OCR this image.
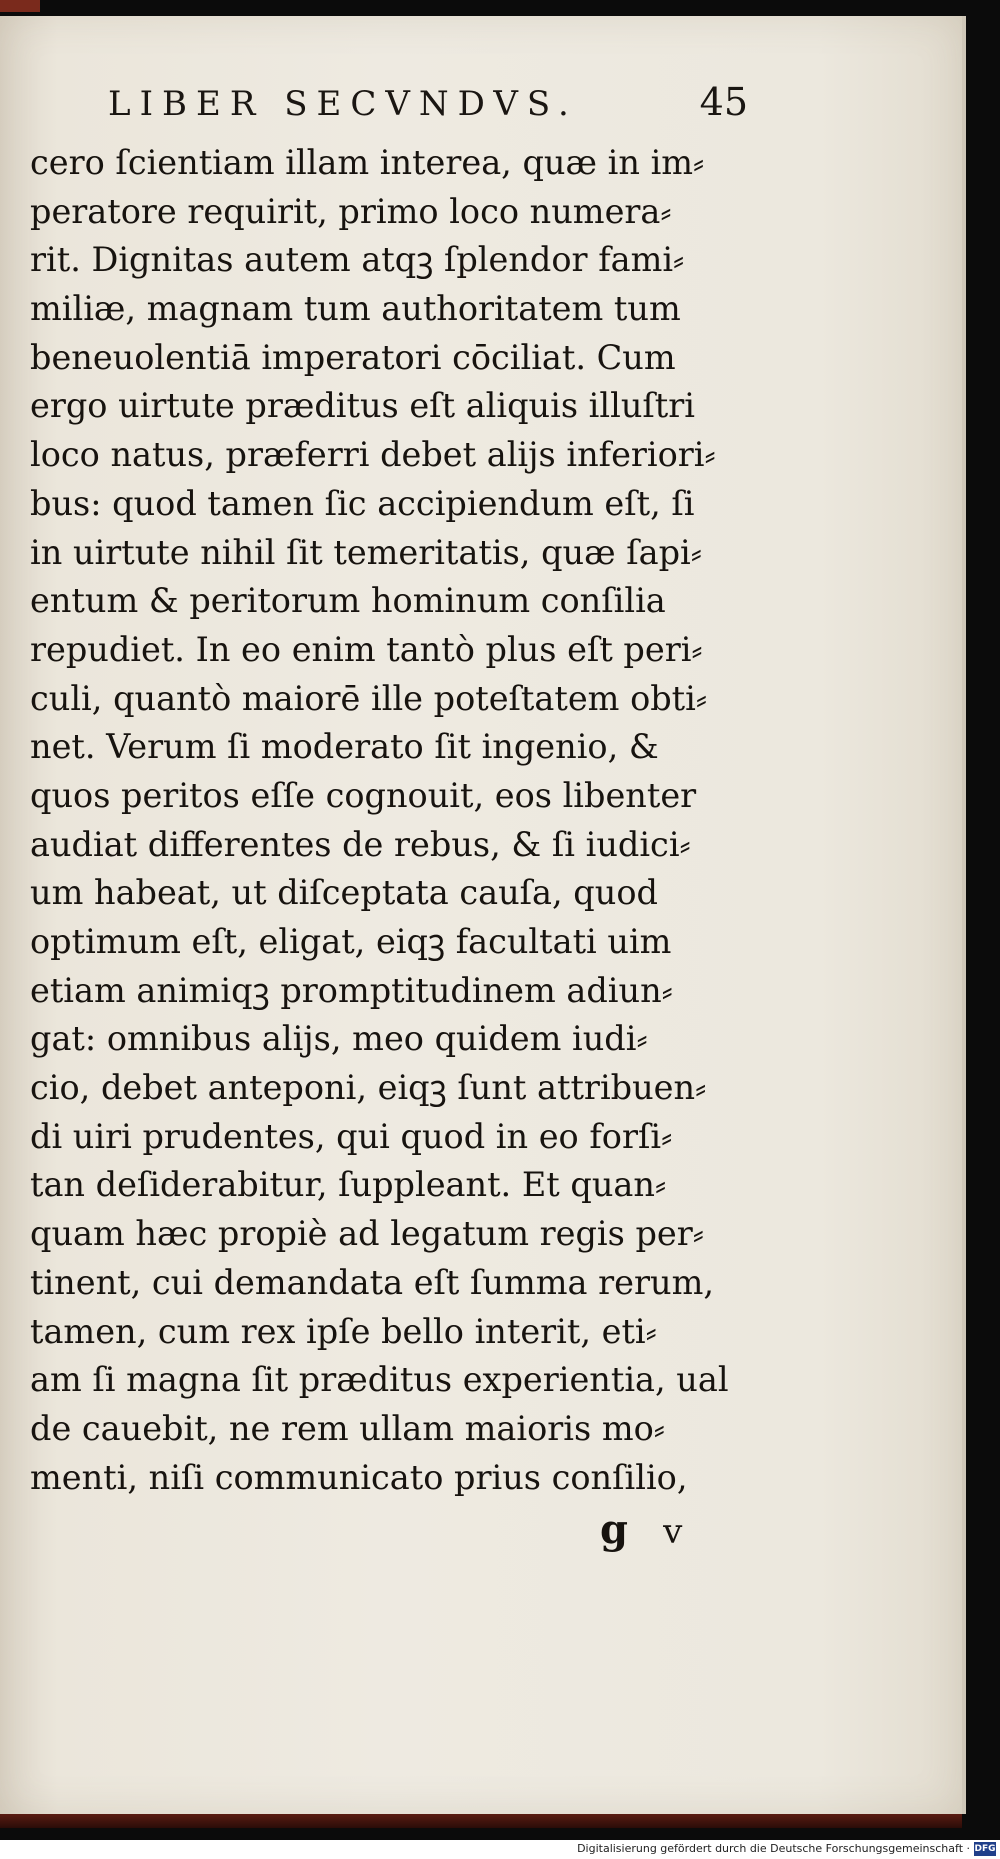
LIBER SECVNDVS.	45
cero ſcientiam illam interea, quæ in im⸗
peratore requirit, primo loco numera⸗
rit. Dignitas autem atqꝫ ſplendor fami⸗
miliæ, magnam tum authoritatem tum
beneuolentiā imperatori cōciliat. Cum
ergo uirtute præditus eſt aliquis illuſtri
loco natus, præferri debet alijs inferiori⸗
bus: quod tamen ſic accipiendum eſt, ſi
in uirtute nihil ſit temeritatis, quæ ſapi⸗
entum & peritorum hominum conſilia
repudiet. In eo enim tantò plus eſt peri⸗
culi, quantò maiorē ille poteſtatem obti⸗
net. Verum ſi moderato ſit ingenio, &
quos peritos eſſe cognouit, eos libenter
audiat differentes de rebus, & ſi iudici⸗
um habeat, ut diſceptata cauſa, quod
optimum eſt, eligat, eiqꝫ facultati uim
etiam animiqꝫ promptitudinem adiun⸗
gat: omnibus alijs, meo quidem iudi⸗
cio, debet anteponi, eiqꝫ ſunt attribuen⸗
di uiri prudentes, qui quod in eo forſi⸗
tan deſiderabitur, ſuppleant. Et quan⸗
quam hæc propiè ad legatum regis per⸗
tinent, cui demandata eſt ſumma rerum,
tamen, cum rex ipſe bello interit, eti⸗
am ſi magna ſit præditus experientia, ual
de cauebit, ne rem ullam maioris mo⸗
menti, niſi communicato prius conſilio,
g v
Digitalisierung gefördert durch die Deutsche Forschungsgemeinschaft · DFG
